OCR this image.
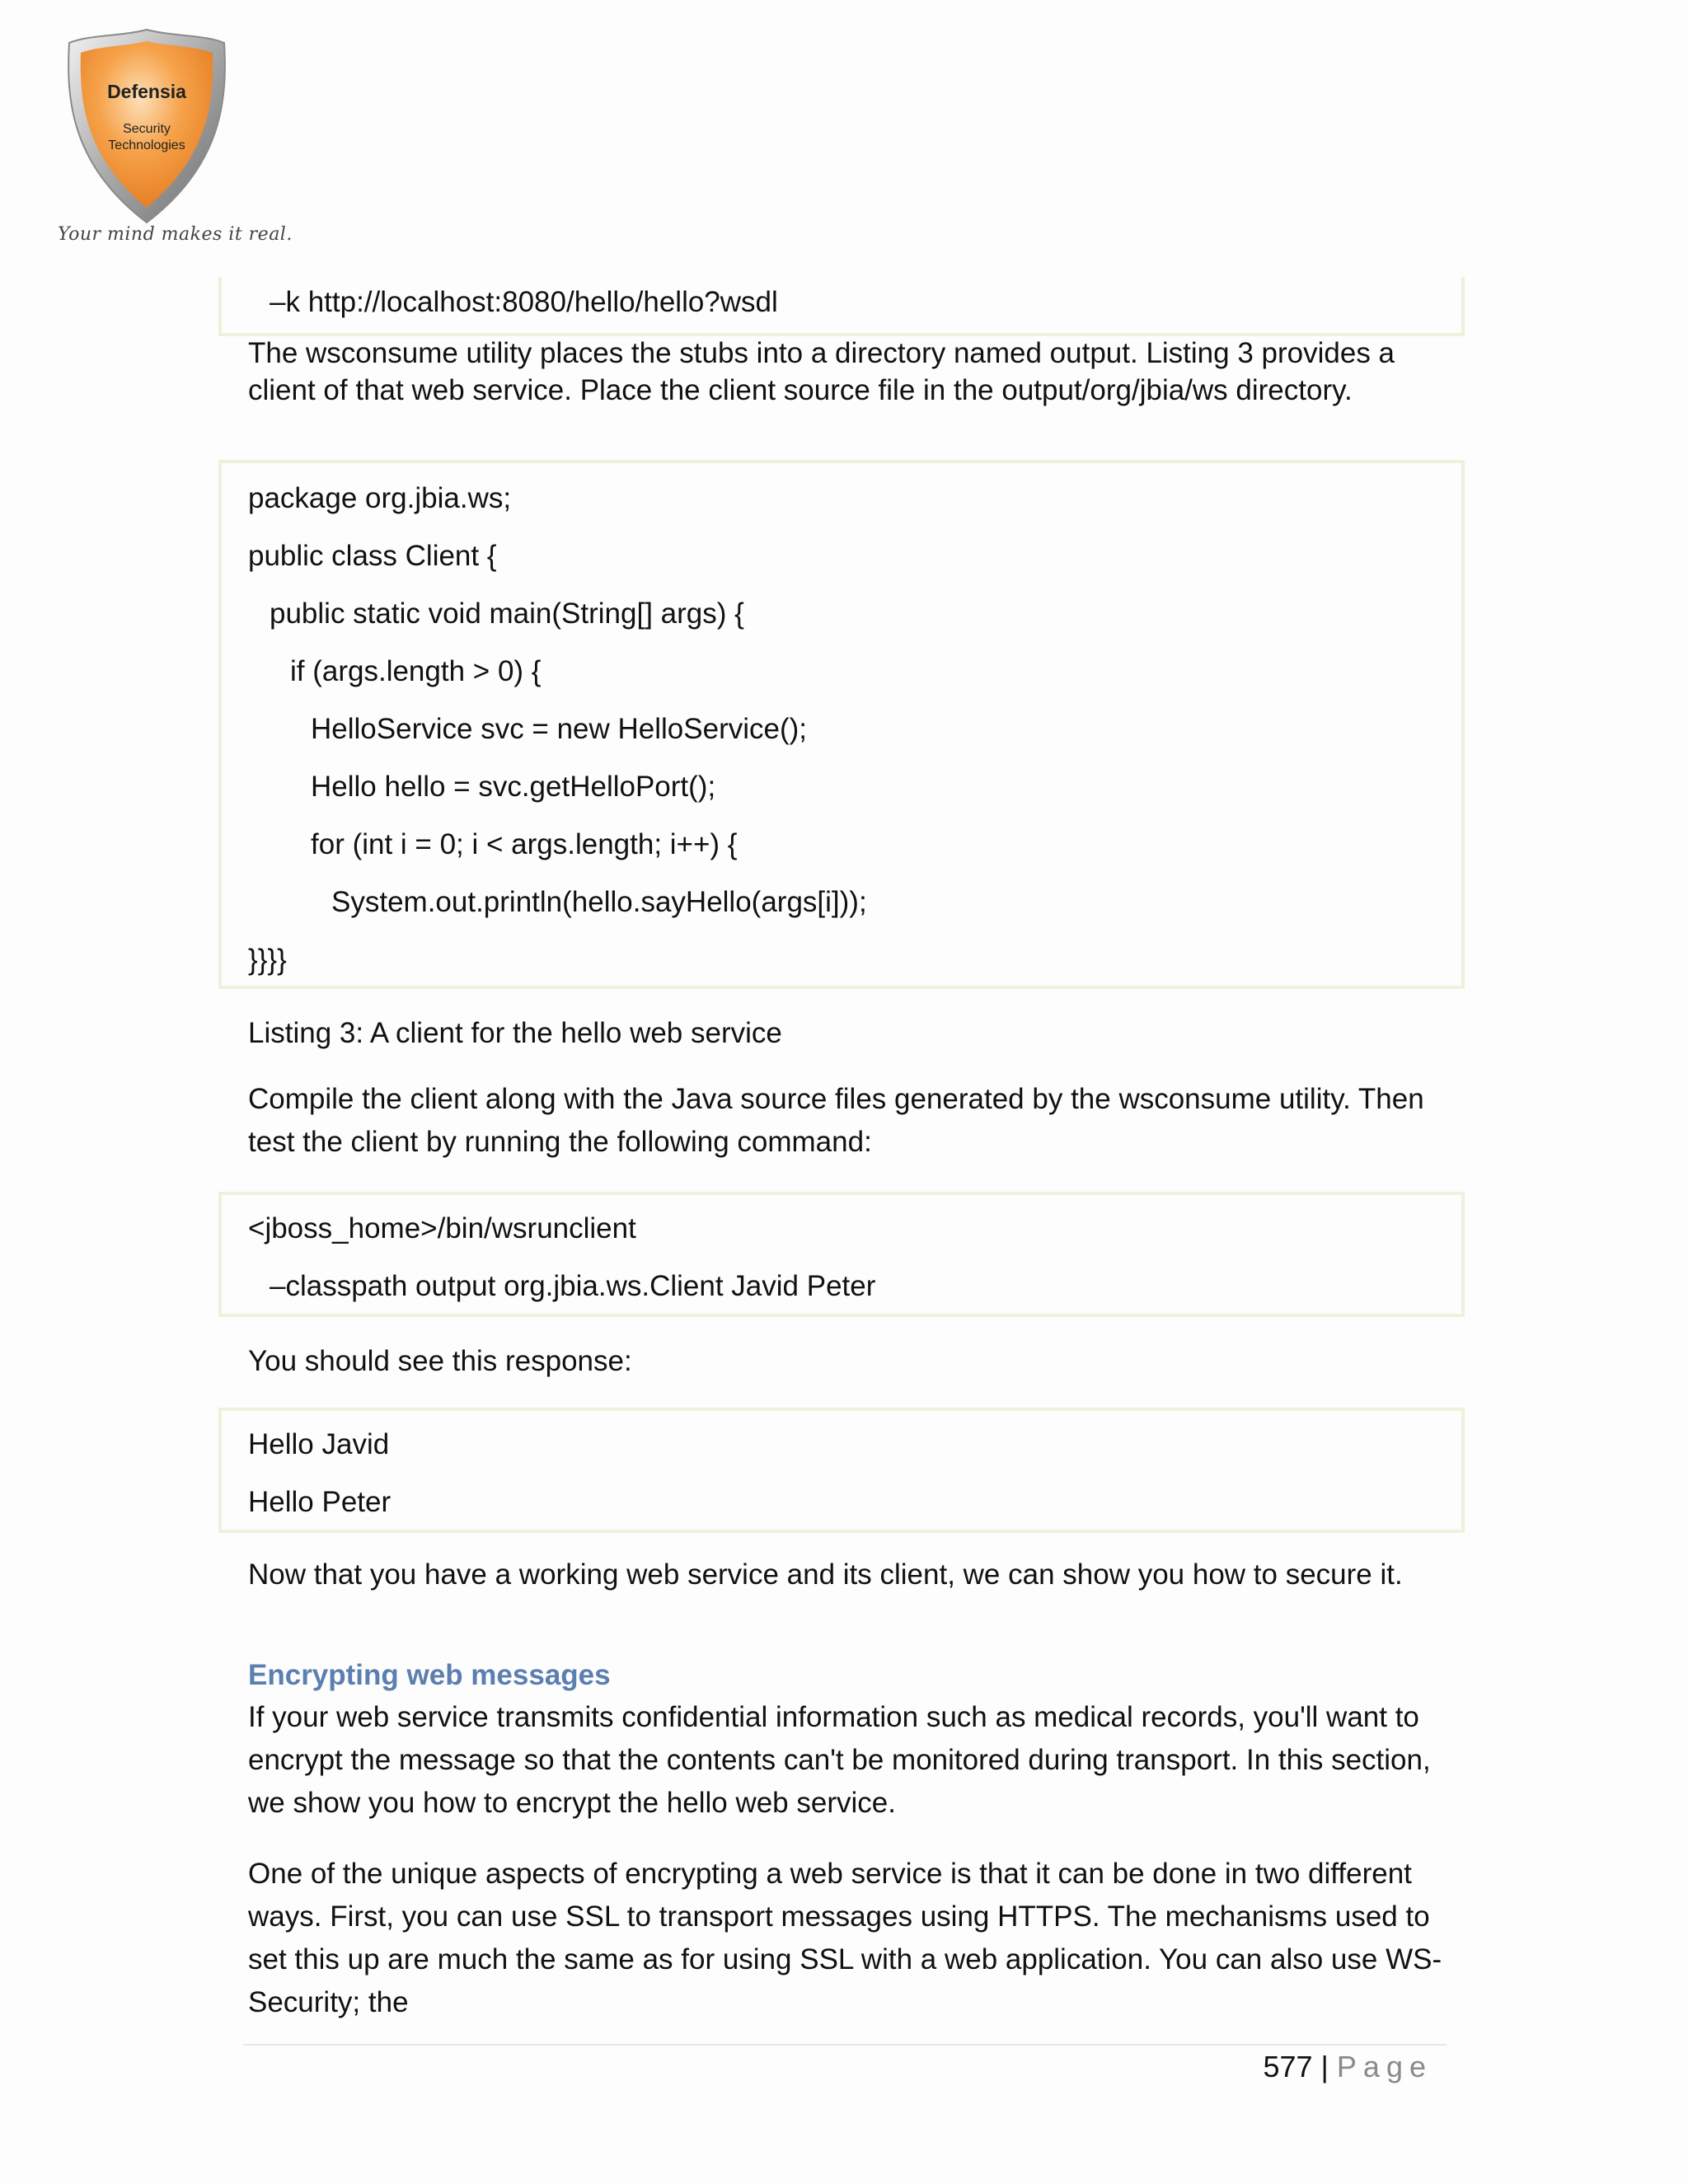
Defensia
Security
Technologies
Your mind makes it real.
–k http://localhost:8080/hello/hello?wsdl
The wsconsume utility places the stubs into a directory named output. Listing 3 provides a client of that web service. Place the client source file in the output/org/jbia/ws directory.
package org.jbia.ws;
public class Client {
public static void main(String[] args) {
if (args.length > 0) {
HelloService svc = new HelloService();
Hello hello = svc.getHelloPort();
for (int i = 0; i < args.length; i++) {
System.out.println(hello.sayHello(args[i]));
}}}}
Listing 3: A client for the hello web service
Compile the client along with the Java source files generated by the wsconsume utility. Then test the client by running the following command:
<jboss_home>/bin/wsrunclient
–classpath output org.jbia.ws.Client Javid Peter
You should see this response:
Hello Javid
Hello Peter
Now that you have a working web service and its client, we can show you how to secure it.
Encrypting web messages
If your web service transmits confidential information such as medical records, you'll want to encrypt the message so that the contents can't be monitored during transport. In this section, we show you how to encrypt the hello web service.
One of the unique aspects of encrypting a web service is that it can be done in two different ways. First, you can use SSL to transport messages using HTTPS. The mechanisms used to set this up are much the same as for using SSL with a web application. You can also use WS-Security; the
577 | Page
